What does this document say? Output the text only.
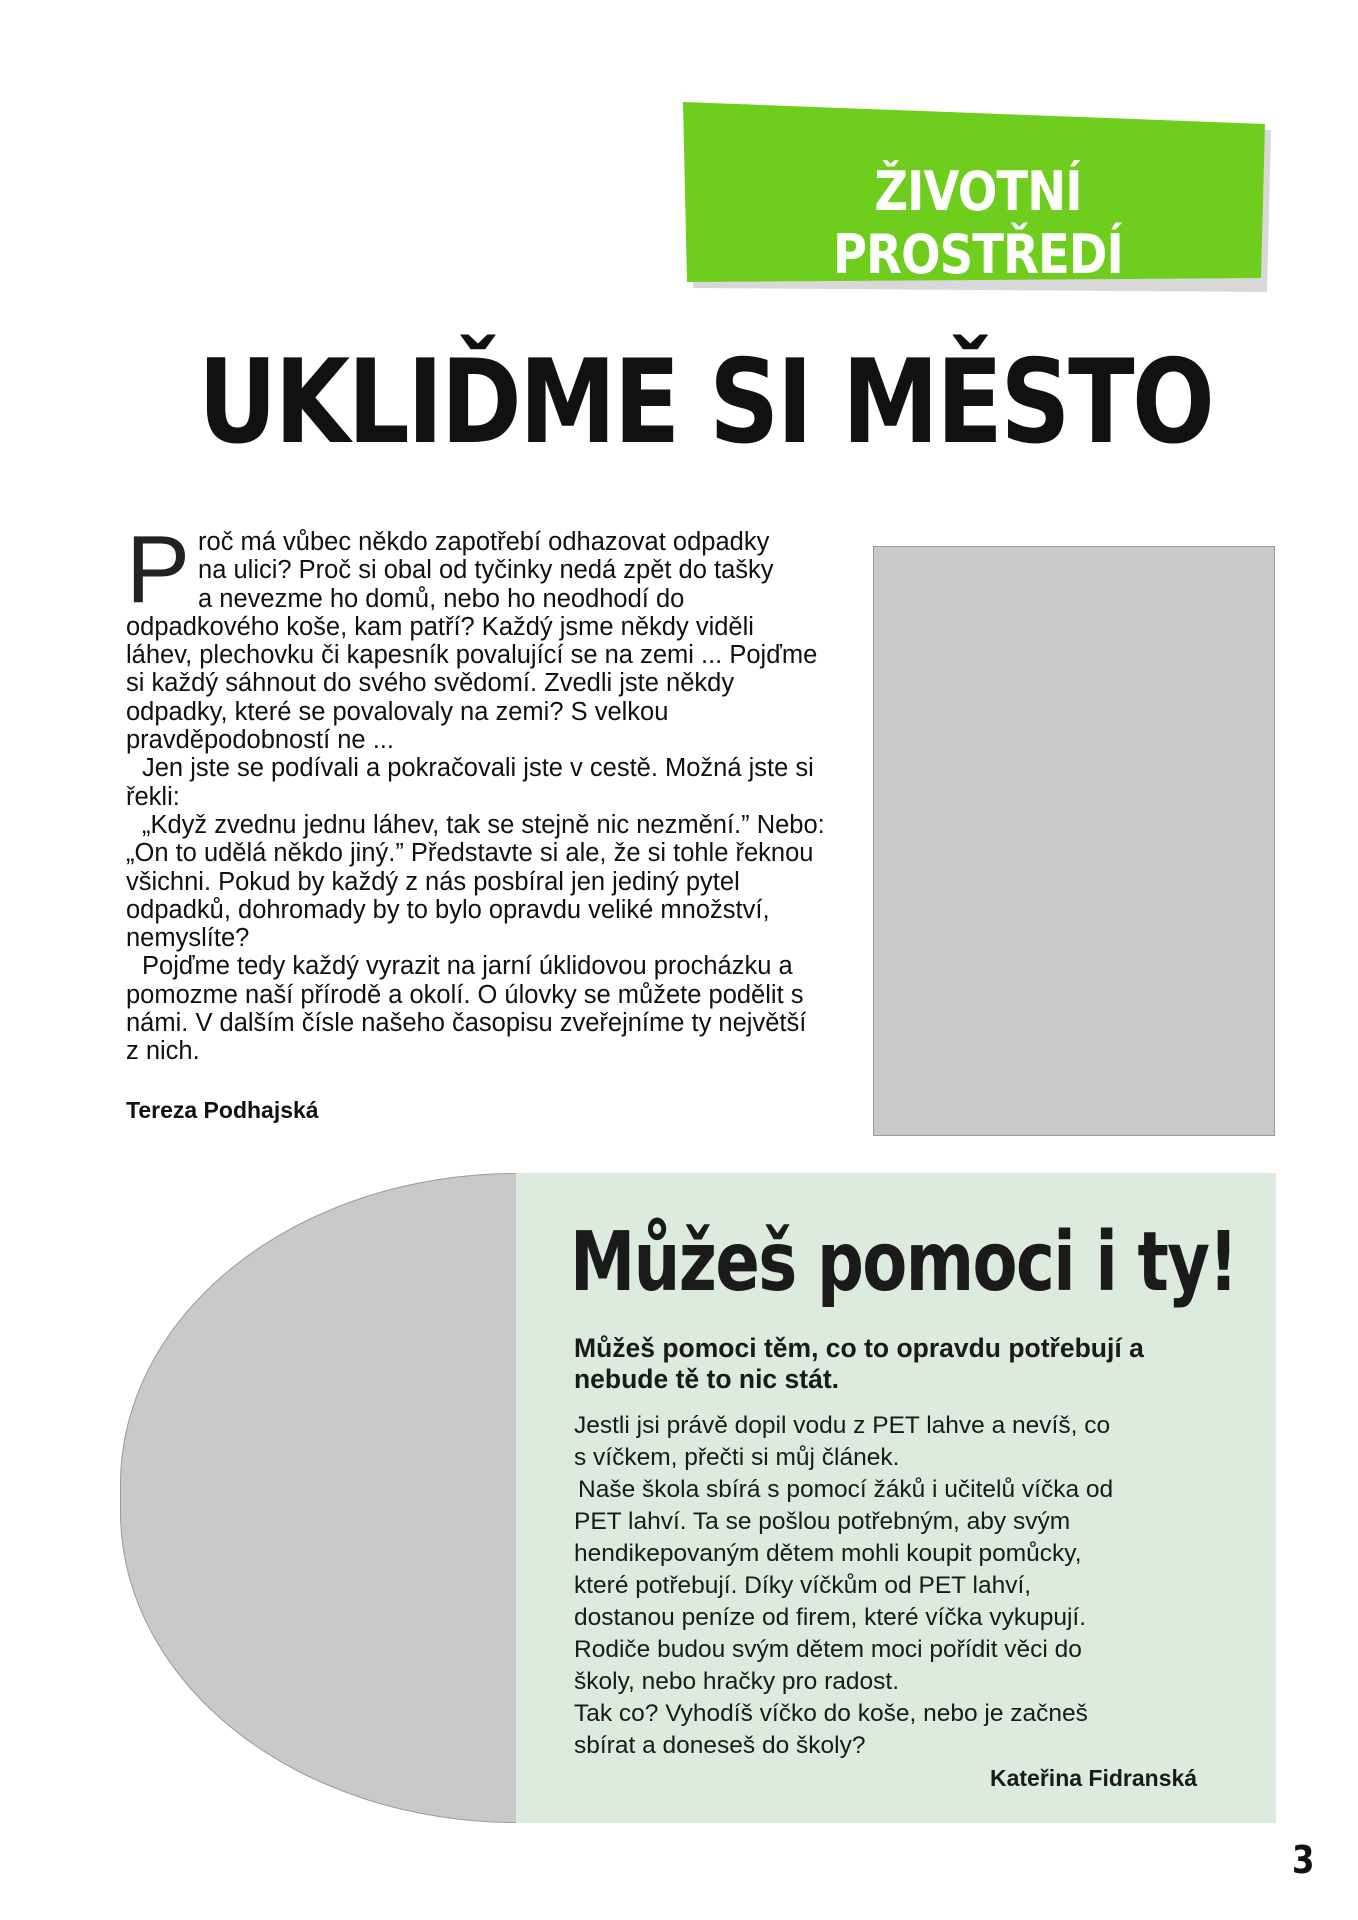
ŽIVOTNÍ PROSTŘEDÍ
UKLIĎME SI MĚSTO
P roč má vůbec někdo zapotřebí odhazovat odpadky

na ulici? Proč si obal od tyčinky nedá zpět do tašky

a nevezme ho domů, nebo ho neodhodí do

odpadkového koše, kam patří? Každý jsme někdy viděli láhev, plechovku či kapesník povalující se na zemi ... Pojďme si každý sáhnout do svého svědomí. Zvedli jste někdy odpadky, které se povalovaly na zemi? S velkou pravděpodobností ne ...

Jen jste se podívali a pokračovali jste v cestě. Možná jste si řekli:

„Když zvednu jednu láhev, tak se stejně nic nezmění.” Nebo: „On to udělá někdo jiný.” Představte si ale, že si tohle řeknou všichni. Pokud by každý z nás posbíral jen jediný pytel odpadků, dohromady by to bylo opravdu veliké množství, nemyslíte?

Pojďme tedy každý vyrazit na jarní úklidovou procházku a pomozme naší přírodě a okolí. O úlovky se můžete podělit s námi. V dalším čísle našeho časopisu zveřejníme ty největší z nich.

Tereza Podhajská
Můžeš pomoci i ty!

Můžeš pomoci těm, co to opravdu potřebují a nebude tě to nic stát.

Jestli jsi právě dopil vodu z PET lahve a nevíš, co

s víčkem, přečti si můj článek.

Naše škola sbírá s pomocí žáků i učitelů víčka od

PET lahví. Ta se pošlou potřebným, aby svým

hendikepovaným dětem mohli koupit pomůcky,

které potřebují. Díky víčkům od PET lahví,

dostanou peníze od firem, které víčka vykupují.

Rodiče budou svým dětem moci pořídit věci do

školy, nebo hračky pro radost.

Tak co? Vyhodíš víčko do koše, nebo je začneš

sbírat a doneseš do školy?

Kateřina Fidranská
3
